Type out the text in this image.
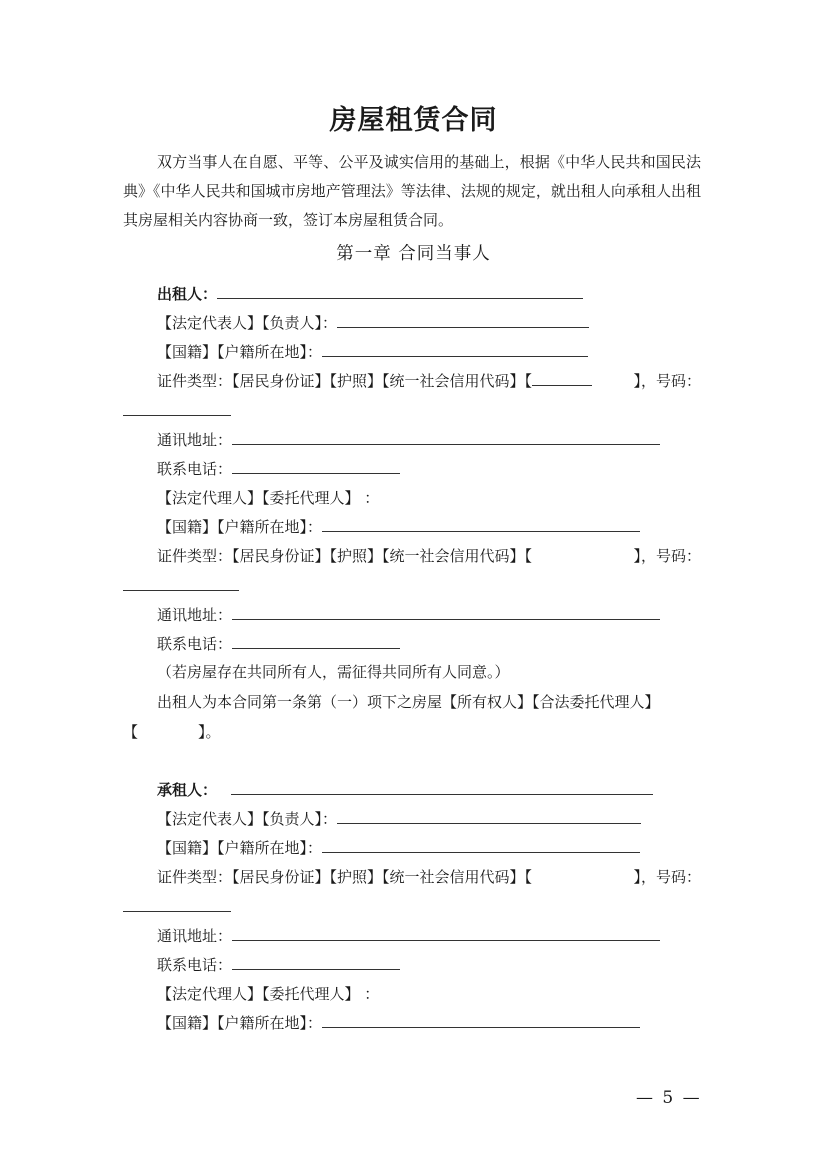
房屋租赁合同

双方当事人在自愿、平等、公平及诚实信用的基础上，根据《中华人民共和国民法典》《中华人民共和国城市房地产管理法》等法律、法规的规定，就出租人向承租人出租其房屋相关内容协商一致，签订本房屋租赁合同。

第一章 合同当事人
出租人：
【法定代表人】【负责人】：
【国籍】【户籍所在地】：
证件类型：【居民身份证】【护照】【统一社会信用代码】【	】，号码：
通讯地址：
联系电话：
【法定代理人】【委托代理人】 ：
【国籍】【户籍所在地】：
证件类型：【居民身份证】【护照】【统一社会信用代码】【	】，号码：
通讯地址：
联系电话：
（若房屋存在共同所有人，需征得共同所有人同意。）
出租人为本合同第一条第（一）项下之房屋【所有权人】【合法委托代理人】
【	】。
承租人：
【法定代表人】【负责人】：
【国籍】【户籍所在地】：
证件类型：【居民身份证】【护照】【统一社会信用代码】【	】，号码：
通讯地址：
联系电话：
【法定代理人】【委托代理人】 ：
【国籍】【户籍所在地】：
— 5 —
